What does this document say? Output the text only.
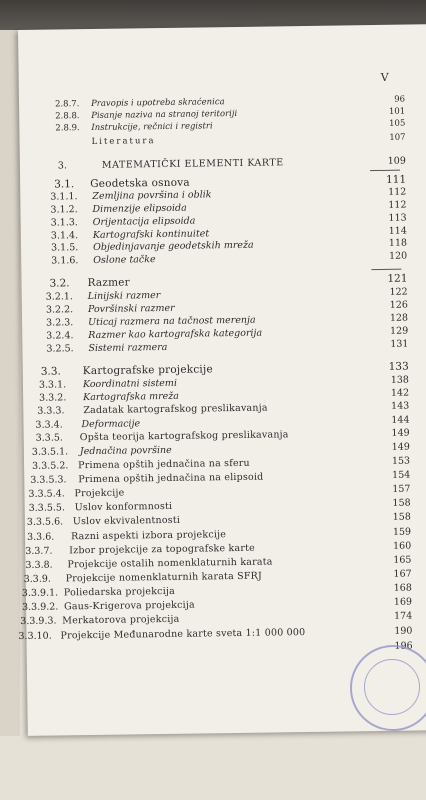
V
2.8.7. Pravopis i upotreba skraćenica	96
2.8.8. Pisanje naziva na stranoj teritoriji	101
2.8.9. Instrukcije, rečnici i registri	105
Literatura	107
3.	MATEMATIČKI ELEMENTI KARTE	109
3.1. Geodetska osnova	111
3.1.1. Zemljina površina i oblik	112
3.1.2. Dimenzije elipsoida	112
3.1.3. Orijentacija elipsoida	113
3.1.4. Kartografski kontinuitet	114
3.1.5. Objedinjavanje geodetskih mreža	118
3.1.6. Oslone tačke	120
3.2. Razmer	121
3.2.1. Linijski razmer	122
3.2.2. Površinski razmer	126
3.2.3. Uticaj razmera na tačnost merenja	128
3.2.4. Razmer kao kartografska kategorija	129
3.2.5. Sistemi razmera	131
3.3. Kartografske projekcije	133
3.3.1. Koordinatni sistemi	138
3.3.2. Kartografska mreža	142
3.3.3. Zadatak kartografskog preslikavanja	143
3.3.4. Deformacije	144
3.3.5. Opšta teorija kartografskog preslikavanja	149
3.3.5.1. Jednačina površine	149
3.3.5.2. Primena opštih jednačina na sferu	153
3.3.5.3. Primena opštih jednačina na elipsoid	154
3.3.5.4. Projekcije	157
3.3.5.5. Uslov konformnosti	158
3.3.5.6. Uslov ekvivalentnosti	158
3.3.6. Razni aspekti izbora projekcije	159
3.3.7. Izbor projekcije za topografske karte	160
3.3.8. Projekcije ostalih nomenklaturnih karata	165
3.3.9. Projekcije nomenklaturnih karata SFRJ	167
3.3.9.1. Poliedarska projekcija	168
3.3.9.2. Gaus-Krigerova projekcija	169
3.3.9.3. Merkatorova projekcija	174
3.3.10. Projekcije Međunarodne karte sveta 1:1 000 000	190
196
